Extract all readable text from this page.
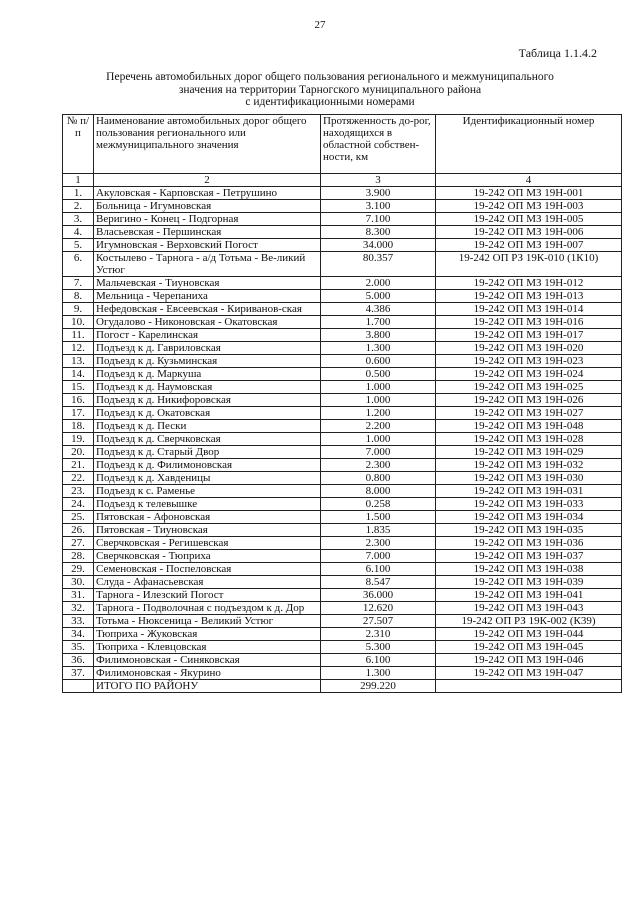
27
Таблица 1.1.4.2
Перечень автомобильных дорог общего пользования регионального и межмуниципального
значения на территории Тарногского муниципального района
с идентификационными номерами
№ п/п	Наименование автомобильных дорог общего пользования регионального или межмуниципального значения	Протяженность до-рог, находящихся в областной собствен-ности, км	Идентификационный номер
1	2	3	4
1.	Акуловская - Карповская - Петрушино	3.900	19-242 ОП МЗ 19Н-001
2.	Больница - Игумновская	3.100	19-242 ОП МЗ 19Н-003
3.	Веригино - Конец - Подгорная	7.100	19-242 ОП МЗ 19Н-005
4.	Власьевская - Першинская	8.300	19-242 ОП МЗ 19Н-006
5.	Игумновская - Верховский Погост	34.000	19-242 ОП МЗ 19Н-007
6.	Костылево - Тарнога - а/д Тотьма - Ве-ликий Устюг	80.357	19-242 ОП РЗ 19К-010 (1К10)
7.	Мальчевская - Тиуновская	2.000	19-242 ОП МЗ 19Н-012
8.	Мельница - Черепаниха	5.000	19-242 ОП МЗ 19Н-013
9.	Нефедовская - Евсеевская - Кириванов-ская	4.386	19-242 ОП МЗ 19Н-014
10.	Огудалово - Никоновская - Окатовская	1.700	19-242 ОП МЗ 19Н-016
11.	Погост - Карелинская	3.800	19-242 ОП МЗ 19Н-017
12.	Подъезд к д. Гавриловская	1.300	19-242 ОП МЗ 19Н-020
13.	Подъезд к д. Кузьминская	0.600	19-242 ОП МЗ 19Н-023
14.	Подъезд к д. Маркуша	0.500	19-242 ОП МЗ 19Н-024
15.	Подъезд к д. Наумовская	1.000	19-242 ОП МЗ 19Н-025
16.	Подъезд к д. Никифоровская	1.000	19-242 ОП МЗ 19Н-026
17.	Подъезд к д. Окатовская	1.200	19-242 ОП МЗ 19Н-027
18.	Подъезд к д. Пески	2.200	19-242 ОП МЗ 19Н-048
19.	Подъезд к д. Сверчковская	1.000	19-242 ОП МЗ 19Н-028
20.	Подъезд к д. Старый Двор	7.000	19-242 ОП МЗ 19Н-029
21.	Подъезд к д. Филимоновская	2.300	19-242 ОП МЗ 19Н-032
22.	Подъезд к д. Хавденицы	0.800	19-242 ОП МЗ 19Н-030
23.	Подъезд к с. Раменье	8.000	19-242 ОП МЗ 19Н-031
24.	Подъезд к телевышке	0.258	19-242 ОП МЗ 19Н-033
25.	Пятовская - Афоновская	1.500	19-242 ОП МЗ 19Н-034
26.	Пятовская - Тиуновская	1.835	19-242 ОП МЗ 19Н-035
27.	Сверчковская - Регишевская	2.300	19-242 ОП МЗ 19Н-036
28.	Сверчковская - Тюприха	7.000	19-242 ОП МЗ 19Н-037
29.	Семеновская - Поспеловская	6.100	19-242 ОП МЗ 19Н-038
30.	Слуда - Афанасьевская	8.547	19-242 ОП МЗ 19Н-039
31.	Тарнога - Илезский Погост	36.000	19-242 ОП МЗ 19Н-041
32.	Тарнога - Подволочная с подъездом к д. Дор	12.620	19-242 ОП МЗ 19Н-043
33.	Тотьма - Нюксеница - Великий Устюг	27.507	19-242 ОП РЗ 19К-002 (К39)
34.	Тюприха - Жуковская	2.310	19-242 ОП МЗ 19Н-044
35.	Тюприха - Клевцовская	5.300	19-242 ОП МЗ 19Н-045
36.	Филимоновская - Синяковская	6.100	19-242 ОП МЗ 19Н-046
37.	Филимоновская - Якурино	1.300	19-242 ОП МЗ 19Н-047
	ИТОГО ПО РАЙОНУ	299.220	
